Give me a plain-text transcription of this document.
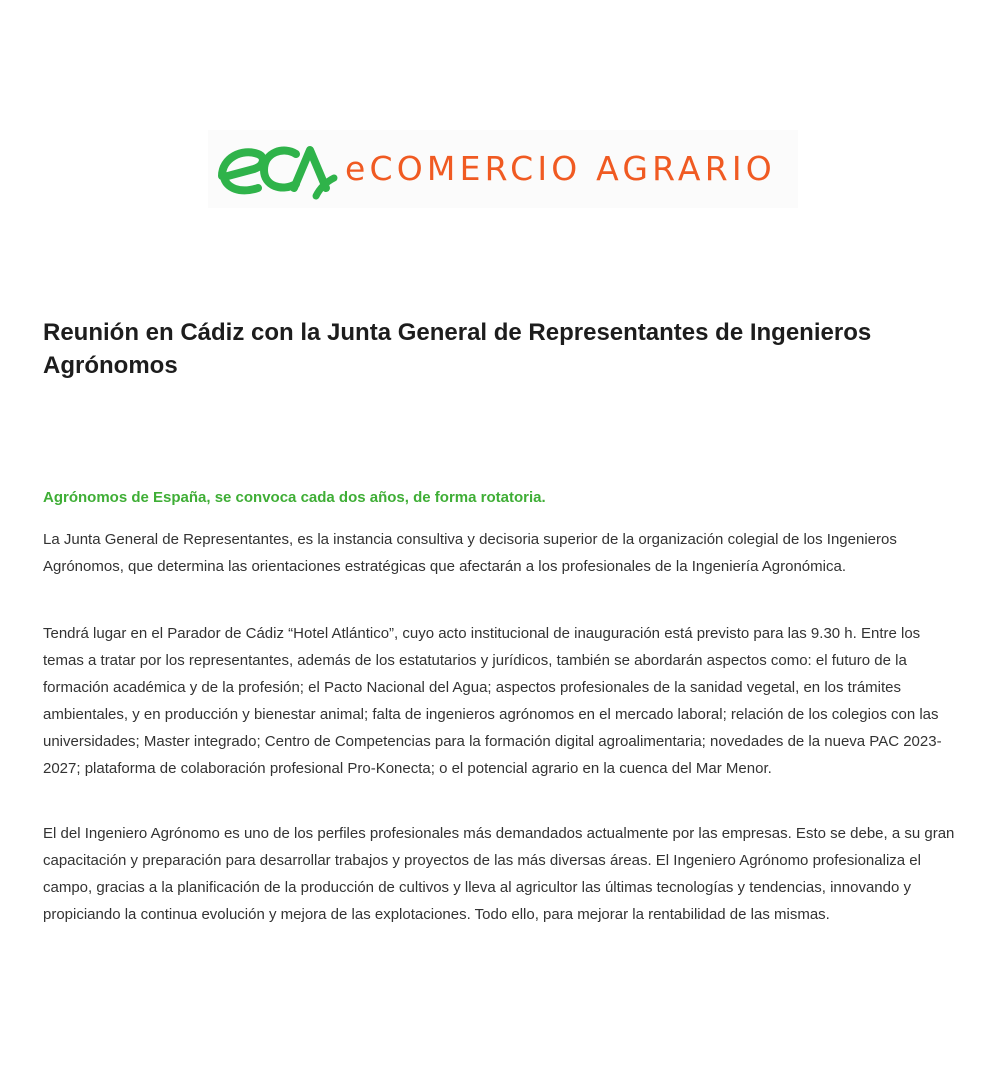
eCOMERCIO AGRARIO
Reunión en Cádiz con la Junta General de Representantes de Ingenieros Agrónomos

Agrónomos de España, se convoca cada dos años, de forma rotatoria.

La Junta General de Representantes, es la instancia consultiva y decisoria superior de la organización colegial de los Ingenieros Agrónomos, que determina las orientaciones estratégicas que afectarán a los profesionales de la Ingeniería Agronómica.

Tendrá lugar en el Parador de Cádiz “Hotel Atlántico”, cuyo acto institucional de inauguración está previsto para las 9.30 h. Entre los temas a tratar por los representantes, además de los estatutarios y jurídicos, también se abordarán aspectos como: el futuro de la formación académica y de la profesión; el Pacto Nacional del Agua; aspectos profesionales de la sanidad vegetal, en los trámites ambientales, y en producción y bienestar animal; falta de ingenieros agrónomos en el mercado laboral; relación de los colegios con las universidades; Master integrado; Centro de Competencias para la formación digital agroalimentaria; novedades de la nueva PAC 2023-2027; plataforma de colaboración profesional Pro-Konecta; o el potencial agrario en la cuenca del Mar Menor.

El del Ingeniero Agrónomo es uno de los perfiles profesionales más demandados actualmente por las empresas. Esto se debe, a su gran capacitación y preparación para desarrollar trabajos y proyectos de las más diversas áreas. El Ingeniero Agrónomo profesionaliza el campo, gracias a la planificación de la producción de cultivos y lleva al agricultor las últimas tecnologías y tendencias, innovando y propiciando la continua evolución y mejora de las explotaciones. Todo ello, para mejorar la rentabilidad de las mismas.
